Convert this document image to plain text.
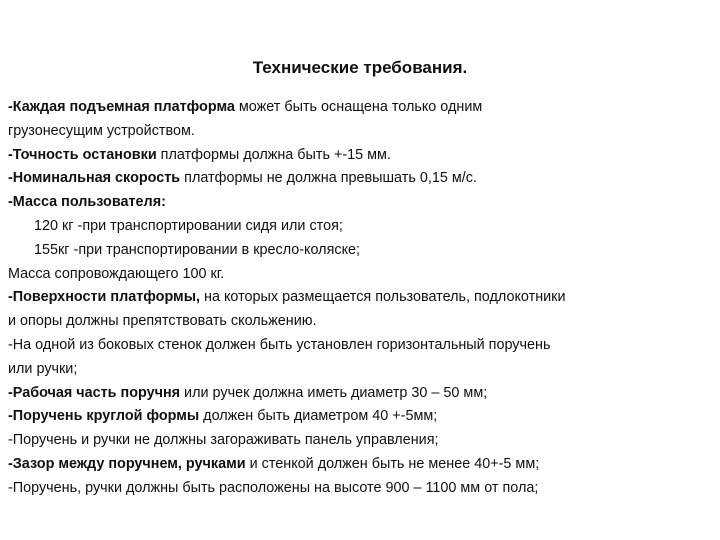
Технические требования.

-Каждая подъемная платформа может быть оснащена только одним

грузонесущим устройством.

-Точность остановки платформы должна быть +-15 мм.

-Номинальная скорость платформы не должна превышать 0,15 м/с.

-Масса пользователя:

120 кг -при транспортировании сидя или стоя;

155кг -при транспортировании в кресло-коляске;

Масса сопровождающего 100 кг.

-Поверхности платформы, на которых размещается пользователь, подлокотники

и опоры должны препятствовать скольжению.

-На одной из боковых стенок должен быть установлен горизонтальный поручень

или ручки;

-Рабочая часть поручня или ручек должна иметь диаметр 30 – 50 мм;

-Поручень круглой формы должен быть диаметром 40 +-5мм;

-Поручень и ручки не должны загораживать панель управления;

-Зазор между поручнем, ручками и стенкой должен быть не менее 40+-5 мм;

-Поручень, ручки должны быть расположены на высоте 900 – 1100 мм от пола;
